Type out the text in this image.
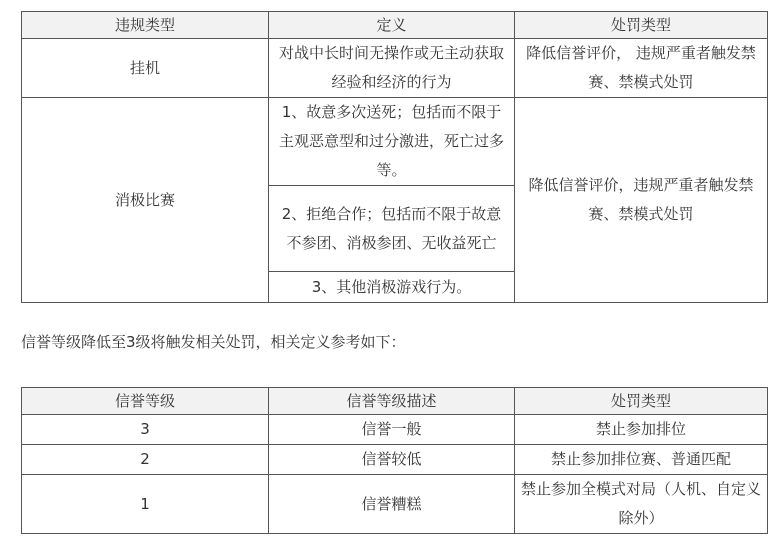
违规类型	定义	处罚类型
挂机	对战中长时间无操作或无主动获取经验和经济的行为	降低信誉评价， 违规严重者触发禁赛、禁模式处罚
消极比赛	1、故意多次送死；包括而不限于主观恶意型和过分激进，死亡过多等。	降低信誉评价，违规严重者触发禁赛、禁模式处罚
	2、拒绝合作；包括而不限于故意不参团、消极参团、无收益死亡	
	3、其他消极游戏行为。	
信誉等级降低至3级将触发相关处罚，相关定义参考如下：
信誉等级	信誉等级描述	处罚类型
3	信誉一般	禁止参加排位
2	信誉较低	禁止参加排位赛、普通匹配
1	信誉糟糕	禁止参加全模式对局（人机、自定义除外）
